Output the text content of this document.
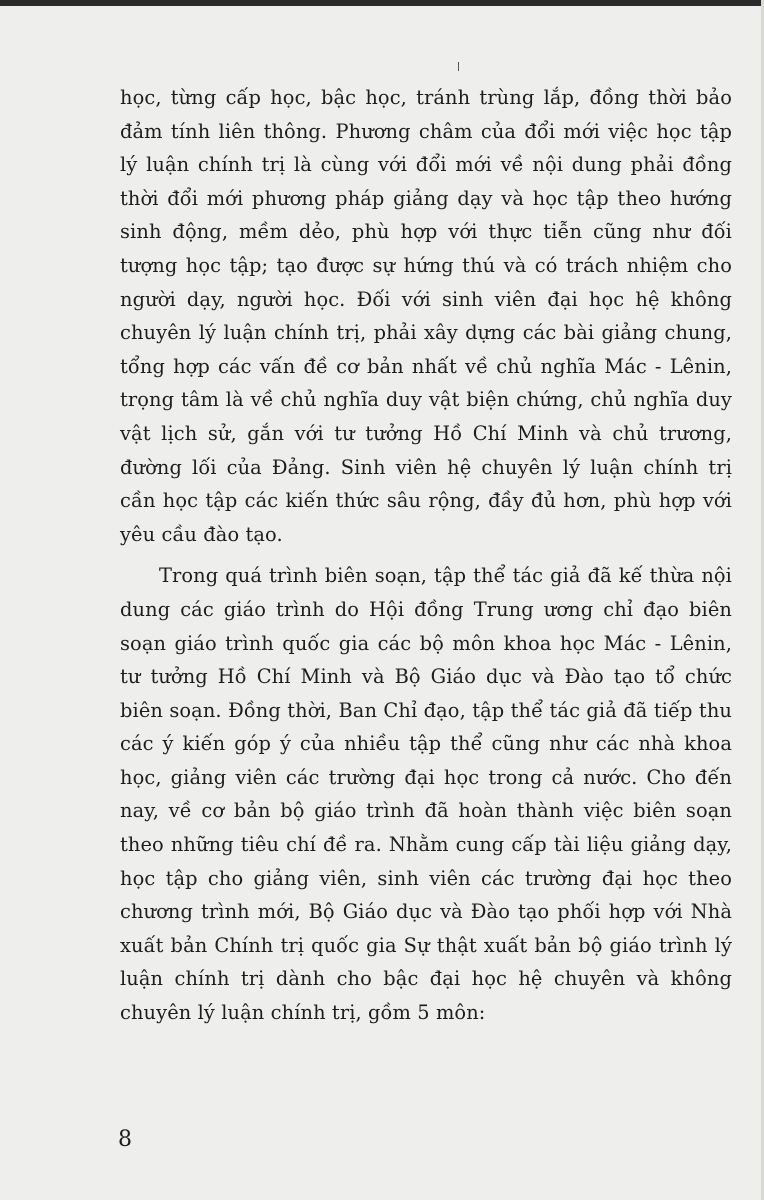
học, từng cấp học, bậc học, tránh trùng lắp, đồng thời bảo đảm tính liên thông. Phương châm của đổi mới việc học tập lý luận chính trị là cùng với đổi mới về nội dung phải đồng thời đổi mới phương pháp giảng dạy và học tập theo hướng sinh động, mềm dẻo, phù hợp với thực tiễn cũng như đối tượng học tập; tạo được sự hứng thú và có trách nhiệm cho người dạy, người học. Đối với sinh viên đại học hệ không chuyên lý luận chính trị, phải xây dựng các bài giảng chung, tổng hợp các vấn đề cơ bản nhất về chủ nghĩa Mác - Lênin, trọng tâm là về chủ nghĩa duy vật biện chứng, chủ nghĩa duy vật lịch sử, gắn với tư tưởng Hồ Chí Minh và chủ trương, đường lối của Đảng. Sinh viên hệ chuyên lý luận chính trị cần học tập các kiến thức sâu rộng, đầy đủ hơn, phù hợp với yêu cầu đào tạo.

Trong quá trình biên soạn, tập thể tác giả đã kế thừa nội dung các giáo trình do Hội đồng Trung ương chỉ đạo biên soạn giáo trình quốc gia các bộ môn khoa học Mác - Lênin, tư tưởng Hồ Chí Minh và Bộ Giáo dục và Đào tạo tổ chức biên soạn. Đồng thời, Ban Chỉ đạo, tập thể tác giả đã tiếp thu các ý kiến góp ý của nhiều tập thể cũng như các nhà khoa học, giảng viên các trường đại học trong cả nước. Cho đến nay, về cơ bản bộ giáo trình đã hoàn thành việc biên soạn theo những tiêu chí đề ra. Nhằm cung cấp tài liệu giảng dạy, học tập cho giảng viên, sinh viên các trường đại học theo chương trình mới, Bộ Giáo dục và Đào tạo phối hợp với Nhà xuất bản Chính trị quốc gia Sự thật xuất bản bộ giáo trình lý luận chính trị dành cho bậc đại học hệ chuyên và không chuyên lý luận chính trị, gồm 5 môn:

8
